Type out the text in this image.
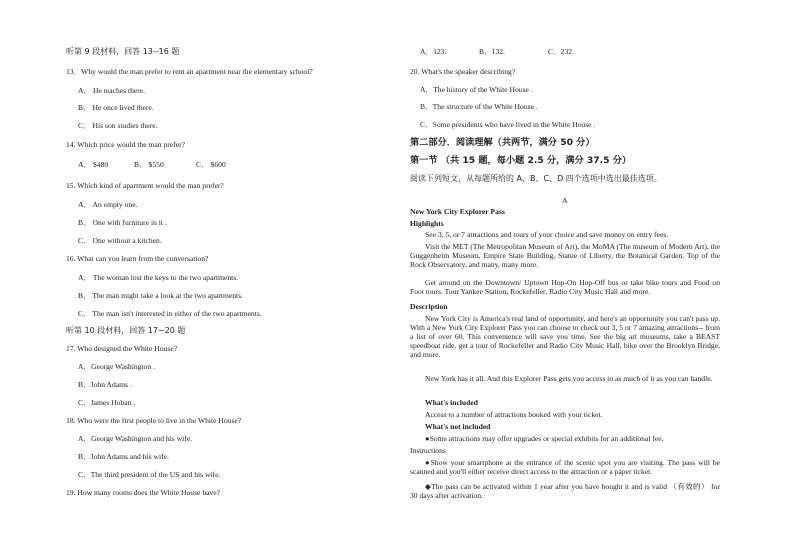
听第 9 段材料，回答 13--16 题
13．Why would the man prefer to rent an apartment near the elementary school?
A． He teaches there.
B． He once lived there.
C． His son studies there.
14. Which price would the man prefer?
A． $480	B． $550	C． $600
15. Which kind of apartment would the man prefer?
A． An empty one.
B． One with furniture in it .
C． One without a kitchen.
16. What can you learn from the conversation?
A． The woman lost the keys to the two apartments.
B． The man might take a look at the two apartments.
C． The man isn't interested in either of the two apartments.
听第 10 段材料，回答 17~20 题
17. Who designed the White House?
A．George Washington .
B．John Adams .
C．James Hoban .
18. Who were the first people to live in the White House?
A．George Washington and his wife.
B．John Adams and his wife.
C．The third president of the US and his wife.
19. How many rooms does the White House have?
A．123.	B．132.	C．232.
20. What's the speaker describing?
A．The history of the White House .
B．The structure of the White House .
C．Some presidents who have lived in the White House .
第二部分．阅读理解（共两节，满分 50 分）
第一节 （共 15 题，每小题 2.5 分，满分 37.5 分）
阅读下列短文，从每题所给的 A、B、C、D 四个选项中选出最佳选项。
A
New York City Explorer Pass
Highlights
See 3, 5, or 7 attractions and tours of your choice and save money on entry fees.
Visit the MET (The Metropolitan Museum of Art), the MoMA (The museum of Modern Art), the Guggenheim Museum, Empire State Building, Statue of Liberty, the Botanical Garden, Top of the Rock Observatory, and many, many more.
Get around on the Downtown/ Uptown Hop-On Hop-Off bus or take bike tours and Food on Foot tours. Tour Yankee Station, Rockefeller, Radio City Music Hall and more.
Description
New York City is America's real land of opportunity, and here's an opportunity you can't pass up. With a New York City Explorer Pass you can choose to check out 3, 5 or 7 amazing attractions-- from a list of over 60. This convenience will save you time. See the big art museums, take a BEAST speedboat ride, get a tour of Rockefeller and Radio City Music Hall, bike over the Brooklyn Bridge, and more.
New York has it all. And this Explorer Pass gets you access to as much of it as you can handle.
What's included
Access to a number of attractions booked with your ticket.
What's not included
●Some attractions may offer upgrades or special exhibits for an additional fee.
Instructions
●Show your smartphone at the entrance of the scenic spot you are visiting. The pass will be scanned and you'll either receive direct access to the attraction or a paper ticket.
◆The pass can be activated within 1 year after you have bought it and is valid （有效的） for 30 days after activation.
